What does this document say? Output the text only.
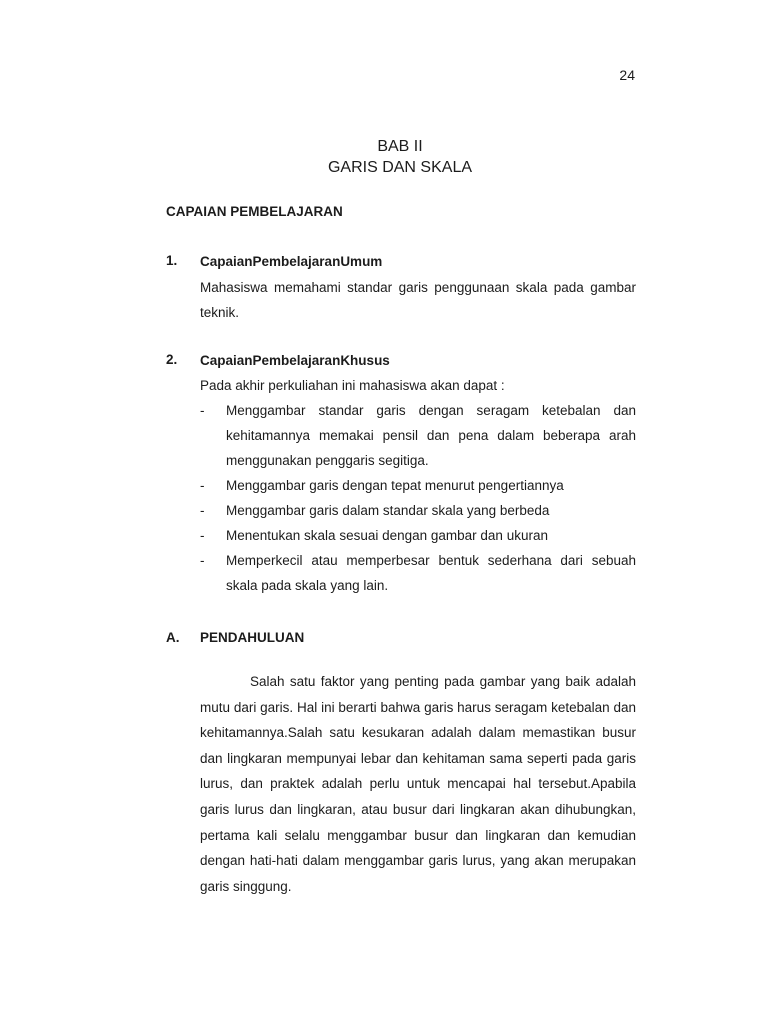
24
BAB II
GARIS DAN SKALA
CAPAIAN PEMBELAJARAN
1. CapaianPembelajaranUmum

Mahasiswa memahami standar garis penggunaan skala pada gambar teknik.

2. CapaianPembelajaranKhusus
Pada akhir perkuliahan ini mahasiswa akan dapat :
- Menggambar standar garis dengan seragam ketebalan dan kehitamannya memakai pensil dan pena dalam beberapa arah menggunakan penggaris segitiga.
- Menggambar garis dengan tepat menurut pengertiannya
- Menggambar garis dalam standar skala yang berbeda
- Menentukan skala sesuai dengan gambar dan ukuran
- Memperkecil atau memperbesar bentuk sederhana dari sebuah skala pada skala yang lain.
A. PENDAHULUAN

Salah satu faktor yang penting pada gambar yang baik adalah mutu dari garis. Hal ini berarti bahwa garis harus seragam ketebalan dan kehitamannya.Salah satu kesukaran adalah dalam memastikan busur dan lingkaran mempunyai lebar dan kehitaman sama seperti pada garis lurus, dan praktek adalah perlu untuk mencapai hal tersebut.Apabila garis lurus dan lingkaran, atau busur dari lingkaran akan dihubungkan, pertama kali selalu menggambar busur dan lingkaran dan kemudian dengan hati-hati dalam menggambar garis lurus, yang akan merupakan garis singgung.
